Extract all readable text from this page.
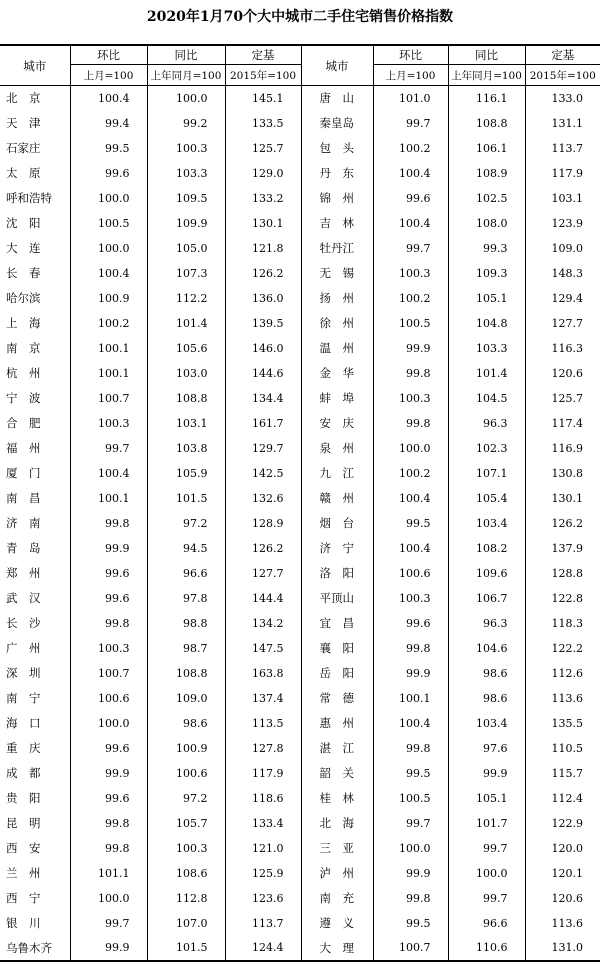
2020年1月70个大中城市二手住宅销售价格指数
城市	环比	同比	定基	城市	环比	同比	定基
	上月=100	上年同月=100	2015年=100		上月=100	上年同月=100	2015年=100
北　京	100.4	100.0	145.1	唐　山	101.0	116.1	133.0
天　津	99.4	99.2	133.5	秦皇岛	99.7	108.8	131.1
石家庄	99.5	100.3	125.7	包　头	100.2	106.1	113.7
太　原	99.6	103.3	129.0	丹　东	100.4	108.9	117.9
呼和浩特	100.0	109.5	133.2	锦　州	99.6	102.5	103.1
沈　阳	100.5	109.9	130.1	吉　林	100.4	108.0	123.9
大　连	100.0	105.0	121.8	牡丹江	99.7	99.3	109.0
长　春	100.4	107.3	126.2	无　锡	100.3	109.3	148.3
哈尔滨	100.9	112.2	136.0	扬　州	100.2	105.1	129.4
上　海	100.2	101.4	139.5	徐　州	100.5	104.8	127.7
南　京	100.1	105.6	146.0	温　州	99.9	103.3	116.3
杭　州	100.1	103.0	144.6	金　华	99.8	101.4	120.6
宁　波	100.7	108.8	134.4	蚌　埠	100.3	104.5	125.7
合　肥	100.3	103.1	161.7	安　庆	99.8	96.3	117.4
福　州	99.7	103.8	129.7	泉　州	100.0	102.3	116.9
厦　门	100.4	105.9	142.5	九　江	100.2	107.1	130.8
南　昌	100.1	101.5	132.6	赣　州	100.4	105.4	130.1
济　南	99.8	97.2	128.9	烟　台	99.5	103.4	126.2
青　岛	99.9	94.5	126.2	济　宁	100.4	108.2	137.9
郑　州	99.6	96.6	127.7	洛　阳	100.6	109.6	128.8
武　汉	99.6	97.8	144.4	平顶山	100.3	106.7	122.8
长　沙	99.8	98.8	134.2	宜　昌	99.6	96.3	118.3
广　州	100.3	98.7	147.5	襄　阳	99.8	104.6	122.2
深　圳	100.7	108.8	163.8	岳　阳	99.9	98.6	112.6
南　宁	100.6	109.0	137.4	常　德	100.1	98.6	113.6
海　口	100.0	98.6	113.5	惠　州	100.4	103.4	135.5
重　庆	99.6	100.9	127.8	湛　江	99.8	97.6	110.5
成　都	99.9	100.6	117.9	韶　关	99.5	99.9	115.7
贵　阳	99.6	97.2	118.6	桂　林	100.5	105.1	112.4
昆　明	99.8	105.7	133.4	北　海	99.7	101.7	122.9
西　安	99.8	100.3	121.0	三　亚	100.0	99.7	120.0
兰　州	101.1	108.6	125.9	泸　州	99.9	100.0	120.1
西　宁	100.0	112.8	123.6	南　充	99.8	99.7	120.6
银　川	99.7	107.0	113.7	遵　义	99.5	96.6	113.6
乌鲁木齐	99.9	101.5	124.4	大　理	100.7	110.6	131.0
